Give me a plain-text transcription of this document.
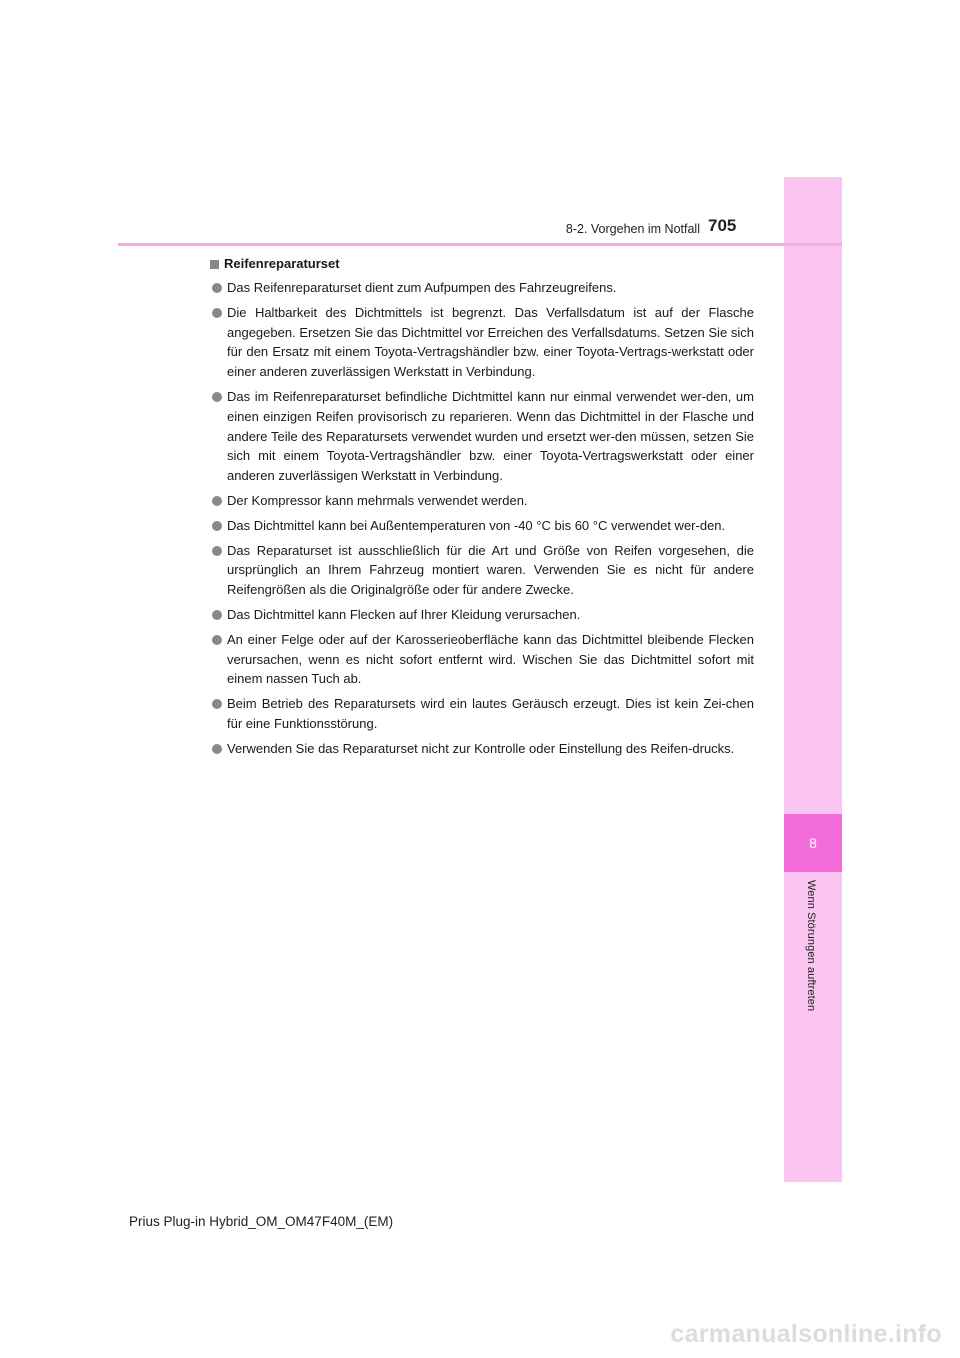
8
Wenn Störungen auftreten
8-2. Vorgehen im Notfall 705
Reifenreparaturset
Das Reifenreparaturset dient zum Aufpumpen des Fahrzeugreifens.
Die Haltbarkeit des Dichtmittels ist begrenzt. Das Verfallsdatum ist auf der Flasche angegeben. Ersetzen Sie das Dichtmittel vor Erreichen des Verfallsdatums. Setzen Sie sich für den Ersatz mit einem Toyota-Vertragshändler bzw. einer Toyota-Vertrags-werkstatt oder einer anderen zuverlässigen Werkstatt in Verbindung.
Das im Reifenreparaturset befindliche Dichtmittel kann nur einmal verwendet wer-den, um einen einzigen Reifen provisorisch zu reparieren. Wenn das Dichtmittel in der Flasche und andere Teile des Reparatursets verwendet wurden und ersetzt wer-den müssen, setzen Sie sich mit einem Toyota-Vertragshändler bzw. einer Toyota-Vertragswerkstatt oder einer anderen zuverlässigen Werkstatt in Verbindung.
Der Kompressor kann mehrmals verwendet werden.
Das Dichtmittel kann bei Außentemperaturen von -40 °C bis 60 °C verwendet wer-den.
Das Reparaturset ist ausschließlich für die Art und Größe von Reifen vorgesehen, die ursprünglich an Ihrem Fahrzeug montiert waren. Verwenden Sie es nicht für andere Reifengrößen als die Originalgröße oder für andere Zwecke.
Das Dichtmittel kann Flecken auf Ihrer Kleidung verursachen.
An einer Felge oder auf der Karosserieoberfläche kann das Dichtmittel bleibende Flecken verursachen, wenn es nicht sofort entfernt wird. Wischen Sie das Dichtmittel sofort mit einem nassen Tuch ab.
Beim Betrieb des Reparatursets wird ein lautes Geräusch erzeugt. Dies ist kein Zei-chen für eine Funktionsstörung.
Verwenden Sie das Reparaturset nicht zur Kontrolle oder Einstellung des Reifen-drucks.
Prius Plug-in Hybrid_OM_OM47F40M_(EM)
carmanualsonline.info
